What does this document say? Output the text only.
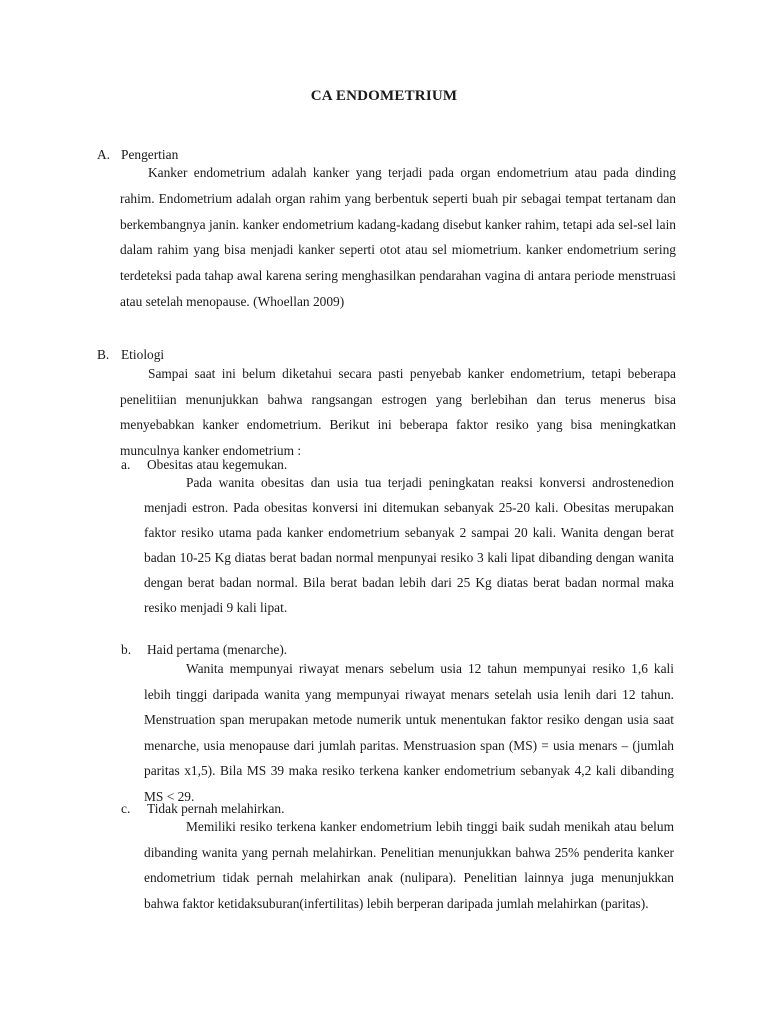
CA ENDOMETRIUM
A. Pengertian

Kanker endometrium adalah kanker yang terjadi pada organ endometrium atau pada dinding rahim. Endometrium adalah organ rahim yang berbentuk seperti buah pir sebagai tempat tertanam dan berkembangnya janin. kanker endometrium kadang-kadang disebut kanker rahim, tetapi ada sel-sel lain dalam rahim yang bisa menjadi kanker seperti otot atau sel miometrium. kanker endometrium sering terdeteksi pada tahap awal karena sering menghasilkan pendarahan vagina di antara periode menstruasi atau setelah menopause. (Whoellan 2009)

B. Etiologi

Sampai saat ini belum diketahui secara pasti penyebab kanker endometrium, tetapi beberapa penelitiian menunjukkan bahwa rangsangan estrogen yang berlebihan dan terus menerus bisa menyebabkan kanker endometrium. Berikut ini beberapa faktor resiko yang bisa meningkatkan munculnya kanker endometrium :

a. Obesitas atau kegemukan.

Pada wanita obesitas dan usia tua terjadi peningkatan reaksi konversi androstenedion menjadi estron. Pada obesitas konversi ini ditemukan sebanyak 25-20 kali. Obesitas merupakan faktor resiko utama pada kanker endometrium sebanyak 2 sampai 20 kali. Wanita dengan berat badan 10-25 Kg diatas berat badan normal menpunyai resiko 3 kali lipat dibanding dengan wanita dengan berat badan normal. Bila berat badan lebih dari 25 Kg diatas berat badan normal maka resiko menjadi 9 kali lipat.

b. Haid pertama (menarche).

Wanita mempunyai riwayat menars sebelum usia 12 tahun mempunyai resiko 1,6 kali lebih tinggi daripada wanita yang mempunyai riwayat menars setelah usia lenih dari 12 tahun. Menstruation span merupakan metode numerik untuk menentukan faktor resiko dengan usia saat menarche, usia menopause dari jumlah paritas. Menstruasion span (MS) = usia menars – (jumlah paritas x1,5). Bila MS 39 maka resiko terkena kanker endometrium sebanyak 4,2 kali dibanding MS < 29.

c. Tidak pernah melahirkan.

Memiliki resiko terkena kanker endometrium lebih tinggi baik sudah menikah atau belum dibanding wanita yang pernah melahirkan. Penelitian menunjukkan bahwa 25% penderita kanker endometrium tidak pernah melahirkan anak (nulipara). Penelitian lainnya juga menunjukkan bahwa faktor ketidaksuburan(infertilitas) lebih berperan daripada jumlah melahirkan (paritas).
